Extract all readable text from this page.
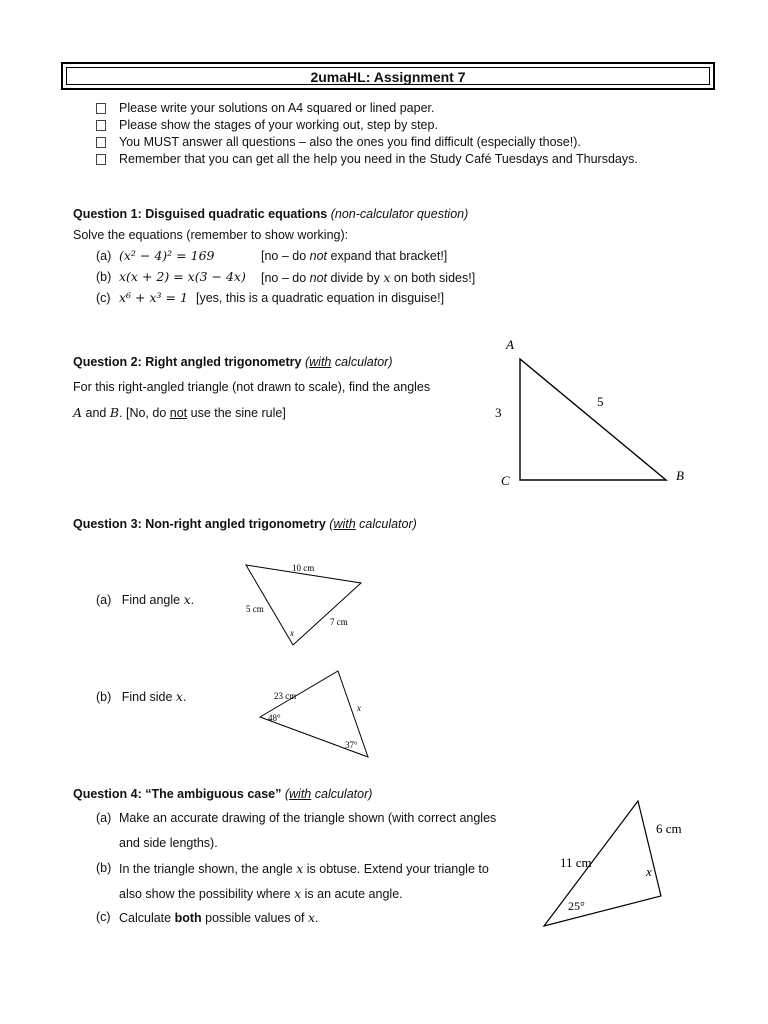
2umaHL: Assignment 7
Please write your solutions on A4 squared or lined paper.
Please show the stages of your working out, step by step.
You MUST answer all questions – also the ones you find difficult (especially those!).
Remember that you can get all the help you need in the Study Café Tuesdays and Thursdays.
Question 1: Disguised quadratic equations (non-calculator question)
Solve the equations (remember to show working):
(a) (x² − 4)² = 169	[no – do not expand that bracket!]
(b) x(x + 2) = x(3 − 4x) [no – do not divide by x on both sides!]
(c) x⁶ + x³ = 1 [yes, this is a quadratic equation in disguise!]
Question 2: Right angled trigonometry (with calculator)
For this right-angled triangle (not drawn to scale), find the angles
A and B. [No, do not use the sine rule]
A
B
C
3
5
Question 3: Non-right angled trigonometry (with calculator)
(a) Find angle x.
10 cm
5 cm
7 cm
x
(b) Find side x.	23 cm
48°
37°
x
Question 4: “The ambiguous case” (with calculator)
(a) Make an accurate drawing of the triangle shown (with correct angles
and side lengths).
(b) In the triangle shown, the angle x is obtuse. Extend your triangle to
also show the possibility where x is an acute angle.
(c) Calculate both possible values of x.
11 cm
6 cm
25°
x
